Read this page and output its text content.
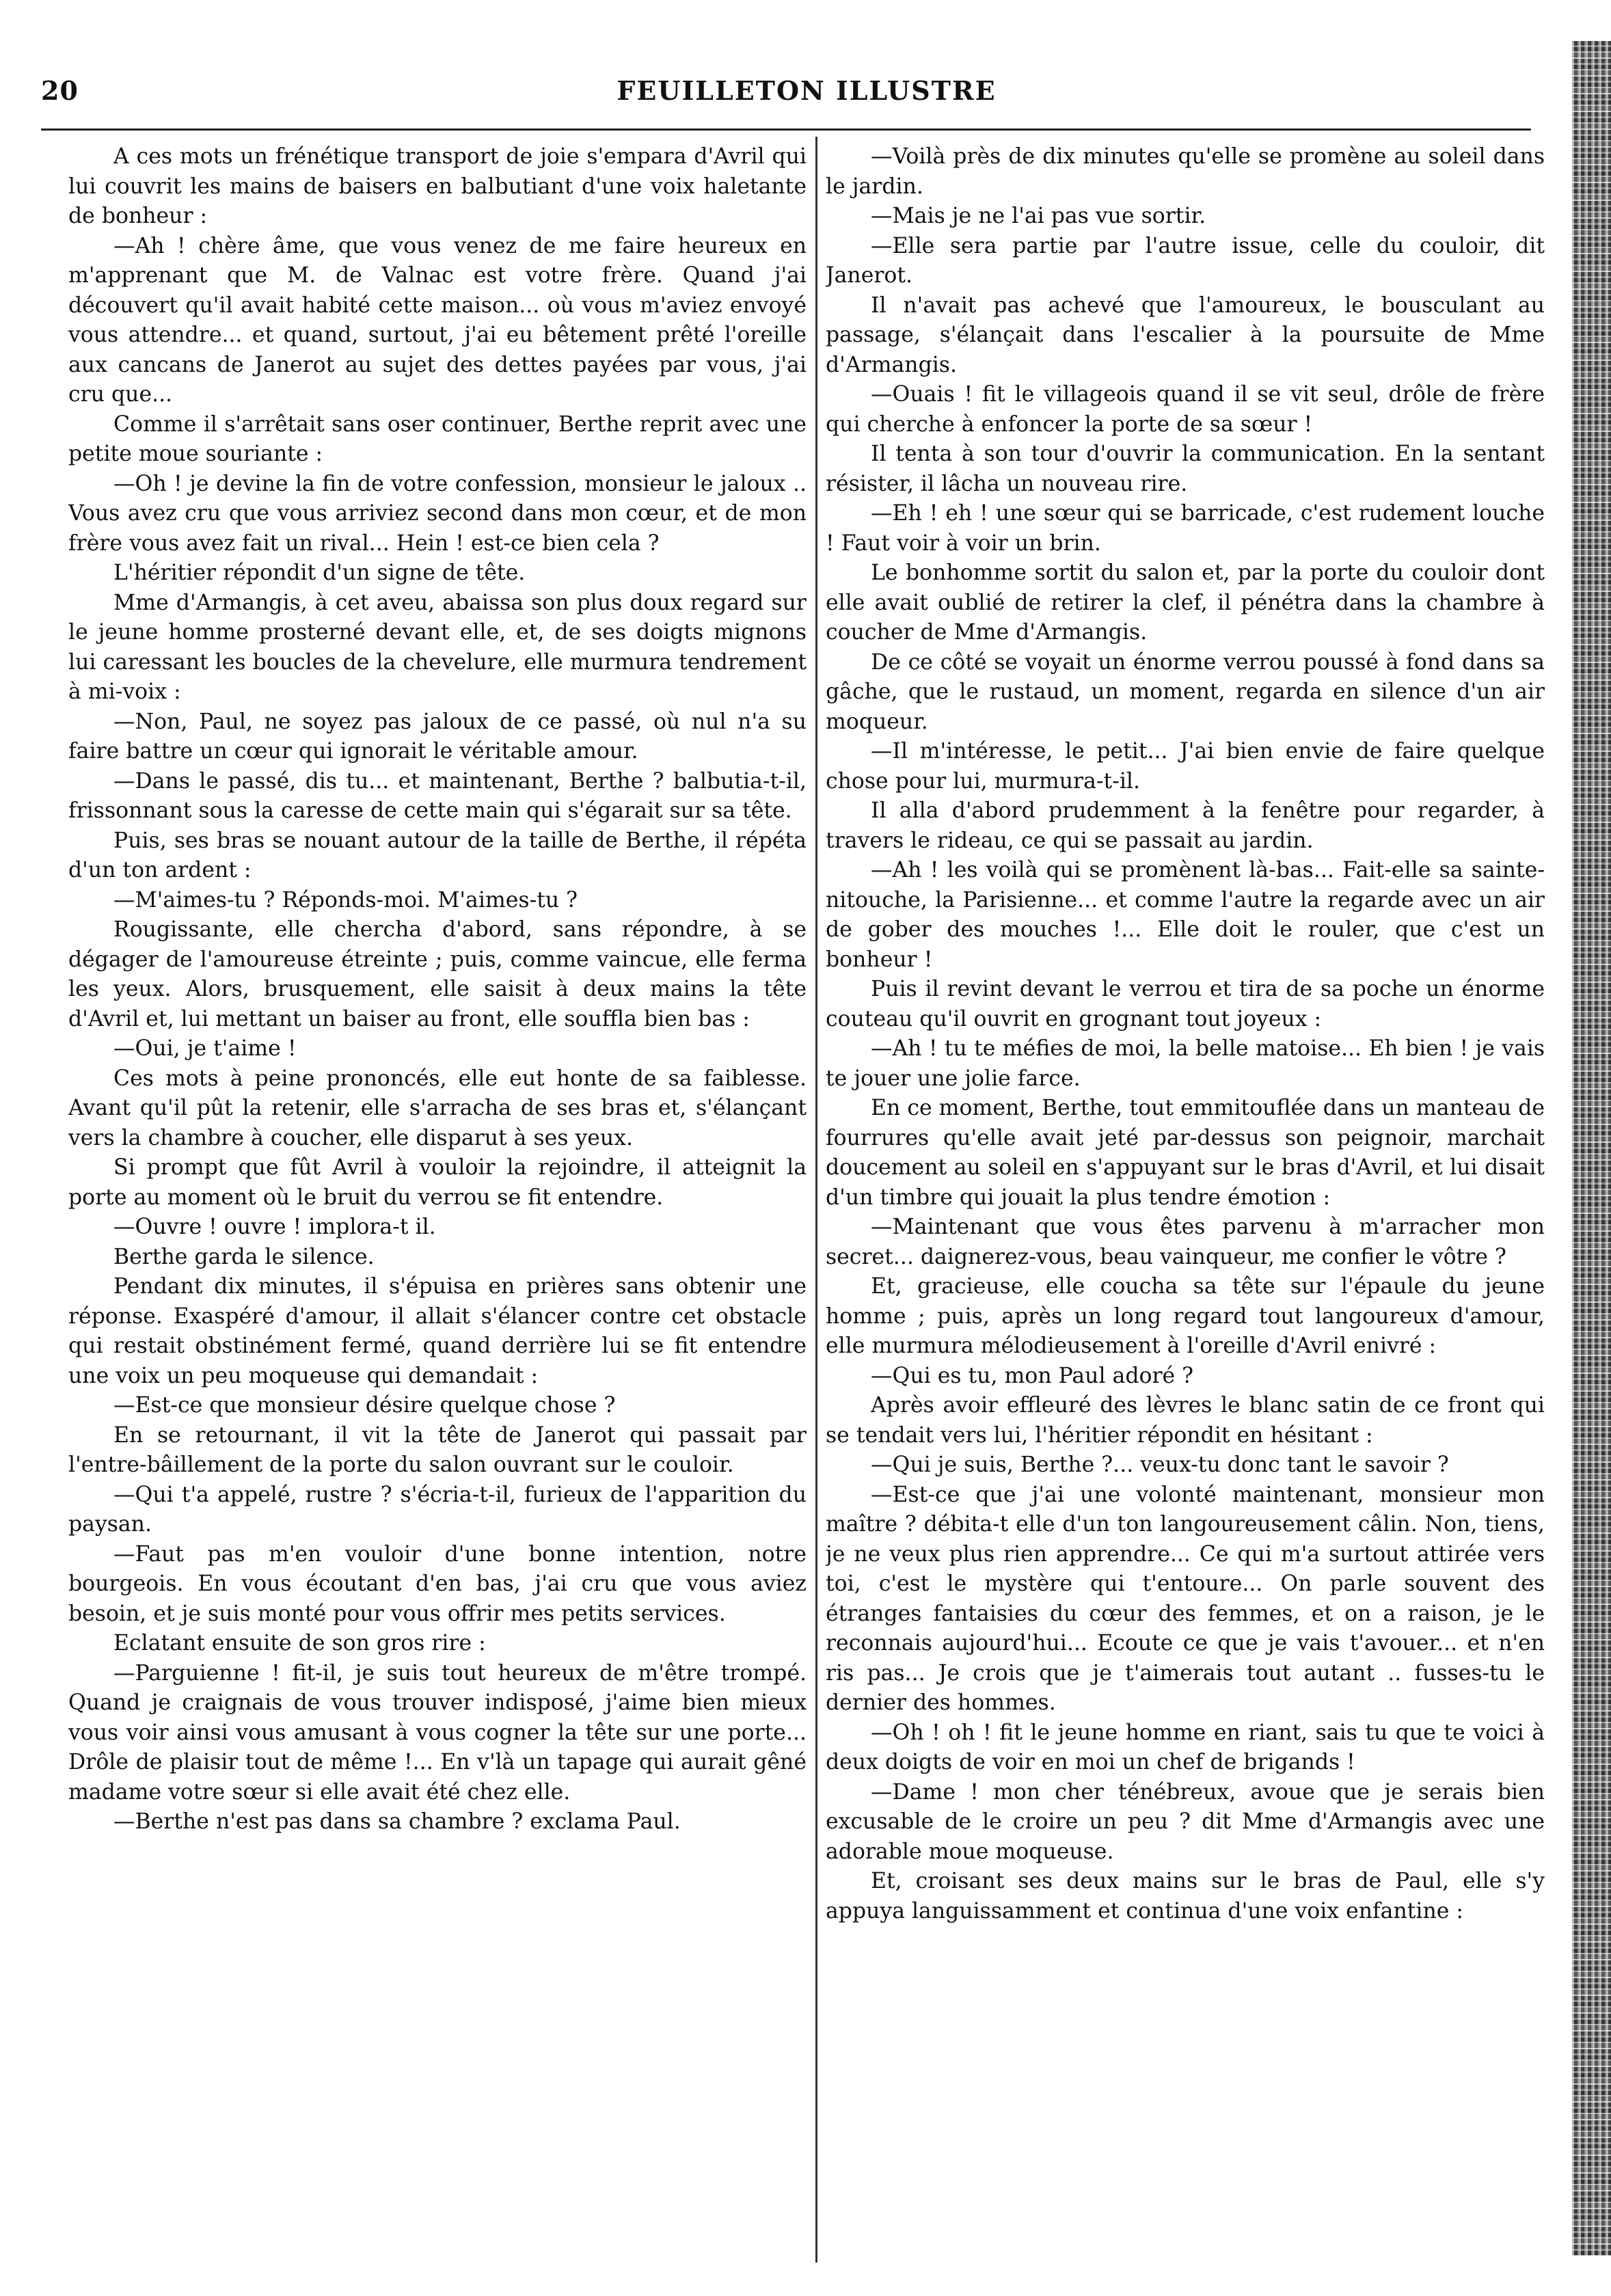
20	FEUILLETON ILLUSTRE

A ces mots un frénétique transport de joie s'empara d'Avril qui lui couvrit les mains de baisers en balbutiant d'une voix haletante de bonheur :

—Ah ! chère âme, que vous venez de me faire heureux en m'apprenant que M. de Valnac est votre frère. Quand j'ai découvert qu'il avait habité cette maison... où vous m'aviez envoyé vous attendre... et quand, surtout, j'ai eu bêtement prêté l'oreille aux cancans de Janerot au sujet des dettes payées par vous, j'ai cru que...

Comme il s'arrêtait sans oser continuer, Berthe reprit avec une petite moue souriante :

—Oh ! je devine la fin de votre confession, monsieur le jaloux .. Vous avez cru que vous arriviez second dans mon cœur, et de mon frère vous avez fait un rival... Hein ! est-ce bien cela ?

L'héritier répondit d'un signe de tête.

Mme d'Armangis, à cet aveu, abaissa son plus doux regard sur le jeune homme prosterné devant elle, et, de ses doigts mignons lui caressant les boucles de la chevelure, elle murmura tendrement à mi-voix :

—Non, Paul, ne soyez pas jaloux de ce passé, où nul n'a su faire battre un cœur qui ignorait le véritable amour.

—Dans le passé, dis tu... et maintenant, Berthe ? balbutia-t-il, frissonnant sous la caresse de cette main qui s'égarait sur sa tête.

Puis, ses bras se nouant autour de la taille de Berthe, il répéta d'un ton ardent :

—M'aimes-tu ? Réponds-moi. M'aimes-tu ?

Rougissante, elle chercha d'abord, sans répondre, à se dégager de l'amoureuse étreinte ; puis, comme vaincue, elle ferma les yeux. Alors, brusquement, elle saisit à deux mains la tête d'Avril et, lui mettant un baiser au front, elle souffla bien bas :

—Oui, je t'aime !

Ces mots à peine prononcés, elle eut honte de sa faiblesse. Avant qu'il pût la retenir, elle s'arracha de ses bras et, s'élançant vers la chambre à coucher, elle disparut à ses yeux.

Si prompt que fût Avril à vouloir la rejoindre, il atteignit la porte au moment où le bruit du verrou se fit entendre.

—Ouvre ! ouvre ! implora-t il.

Berthe garda le silence.

Pendant dix minutes, il s'épuisa en prières sans obtenir une réponse. Exaspéré d'amour, il allait s'élancer contre cet obstacle qui restait obstinément fermé, quand derrière lui se fit entendre une voix un peu moqueuse qui demandait :

—Est-ce que monsieur désire quelque chose ?

En se retournant, il vit la tête de Janerot qui passait par l'entre-bâillement de la porte du salon ouvrant sur le couloir.

—Qui t'a appelé, rustre ? s'écria-t-il, furieux de l'apparition du paysan.

—Faut pas m'en vouloir d'une bonne intention, notre bourgeois. En vous écoutant d'en bas, j'ai cru que vous aviez besoin, et je suis monté pour vous offrir mes petits services.

Eclatant ensuite de son gros rire :

—Parguienne ! fit-il, je suis tout heureux de m'être trompé. Quand je craignais de vous trouver indisposé, j'aime bien mieux vous voir ainsi vous amusant à vous cogner la tête sur une porte... Drôle de plaisir tout de même !... En v'là un tapage qui aurait gêné madame votre sœur si elle avait été chez elle.

—Berthe n'est pas dans sa chambre ? exclama Paul.

—Voilà près de dix minutes qu'elle se promène au soleil dans le jardin.

—Mais je ne l'ai pas vue sortir.

—Elle sera partie par l'autre issue, celle du couloir, dit Janerot.

Il n'avait pas achevé que l'amoureux, le bousculant au passage, s'élançait dans l'escalier à la poursuite de Mme d'Armangis.

—Ouais ! fit le villageois quand il se vit seul, drôle de frère qui cherche à enfoncer la porte de sa sœur !

Il tenta à son tour d'ouvrir la communication. En la sentant résister, il lâcha un nouveau rire.

—Eh ! eh ! une sœur qui se barricade, c'est rudement louche ! Faut voir à voir un brin.

Le bonhomme sortit du salon et, par la porte du couloir dont elle avait oublié de retirer la clef, il pénétra dans la chambre à coucher de Mme d'Armangis.

De ce côté se voyait un énorme verrou poussé à fond dans sa gâche, que le rustaud, un moment, regarda en silence d'un air moqueur.

—Il m'intéresse, le petit... J'ai bien envie de faire quelque chose pour lui, murmura-t-il.

Il alla d'abord prudemment à la fenêtre pour regarder, à travers le rideau, ce qui se passait au jardin.

—Ah ! les voilà qui se promènent là-bas... Fait-elle sa sainte-nitouche, la Parisienne... et comme l'autre la regarde avec un air de gober des mouches !... Elle doit le rouler, que c'est un bonheur !

Puis il revint devant le verrou et tira de sa poche un énorme couteau qu'il ouvrit en grognant tout joyeux :

—Ah ! tu te méfies de moi, la belle matoise... Eh bien ! je vais te jouer une jolie farce.

En ce moment, Berthe, tout emmitouflée dans un manteau de fourrures qu'elle avait jeté par-dessus son peignoir, marchait doucement au soleil en s'appuyant sur le bras d'Avril, et lui disait d'un timbre qui jouait la plus tendre émotion :

—Maintenant que vous êtes parvenu à m'arracher mon secret... daignerez-vous, beau vainqueur, me confier le vôtre ?

Et, gracieuse, elle coucha sa tête sur l'épaule du jeune homme ; puis, après un long regard tout langoureux d'amour, elle murmura mélodieusement à l'oreille d'Avril enivré :

—Qui es tu, mon Paul adoré ?

Après avoir effleuré des lèvres le blanc satin de ce front qui se tendait vers lui, l'héritier répondit en hésitant :

—Qui je suis, Berthe ?... veux-tu donc tant le savoir ?

—Est-ce que j'ai une volonté maintenant, monsieur mon maître ? débita-t elle d'un ton langoureusement câlin. Non, tiens, je ne veux plus rien apprendre... Ce qui m'a surtout attirée vers toi, c'est le mystère qui t'entoure... On parle souvent des étranges fantaisies du cœur des femmes, et on a raison, je le reconnais aujourd'hui... Ecoute ce que je vais t'avouer... et n'en ris pas... Je crois que je t'aimerais tout autant .. fusses-tu le dernier des hommes.

—Oh ! oh ! fit le jeune homme en riant, sais tu que te voici à deux doigts de voir en moi un chef de brigands !

—Dame ! mon cher ténébreux, avoue que je serais bien excusable de le croire un peu ? dit Mme d'Armangis avec une adorable moue moqueuse.

Et, croisant ses deux mains sur le bras de Paul, elle s'y appuya languissamment et continua d'une voix enfantine :
